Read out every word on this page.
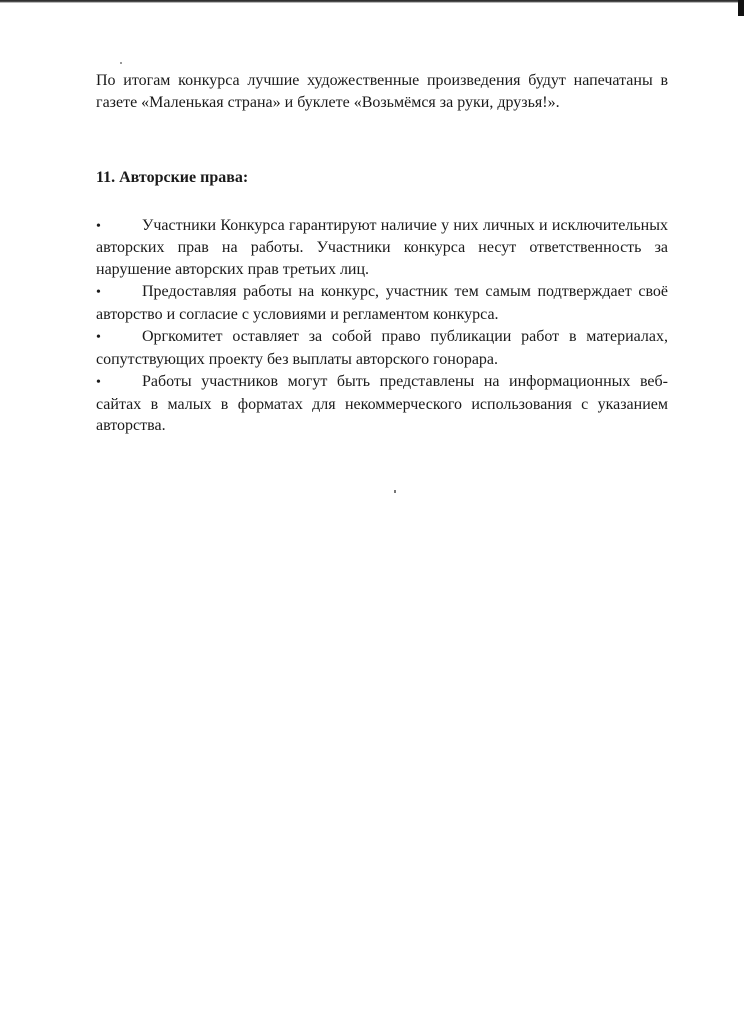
По итогам конкурса лучшие художественные произведения будут напечатаны в газете «Маленькая страна» и буклете «Возьмёмся за руки, друзья!».

11. Авторские права:
•	Участники Конкурса гарантируют наличие у них личных и исключительных авторских прав на работы. Участники конкурса несут ответственность за нарушение авторских прав третьих лиц.
•	Предоставляя работы на конкурс, участник тем самым подтверждает своё авторство и согласие с условиями и регламентом конкурса.
•	Оргкомитет оставляет за собой право публикации работ в материалах, сопутствующих проекту без выплаты авторского гонорара.
•	Работы участников могут быть представлены на информационных веб-сайтах в малых в форматах для некоммерческого использования с указанием авторства.
